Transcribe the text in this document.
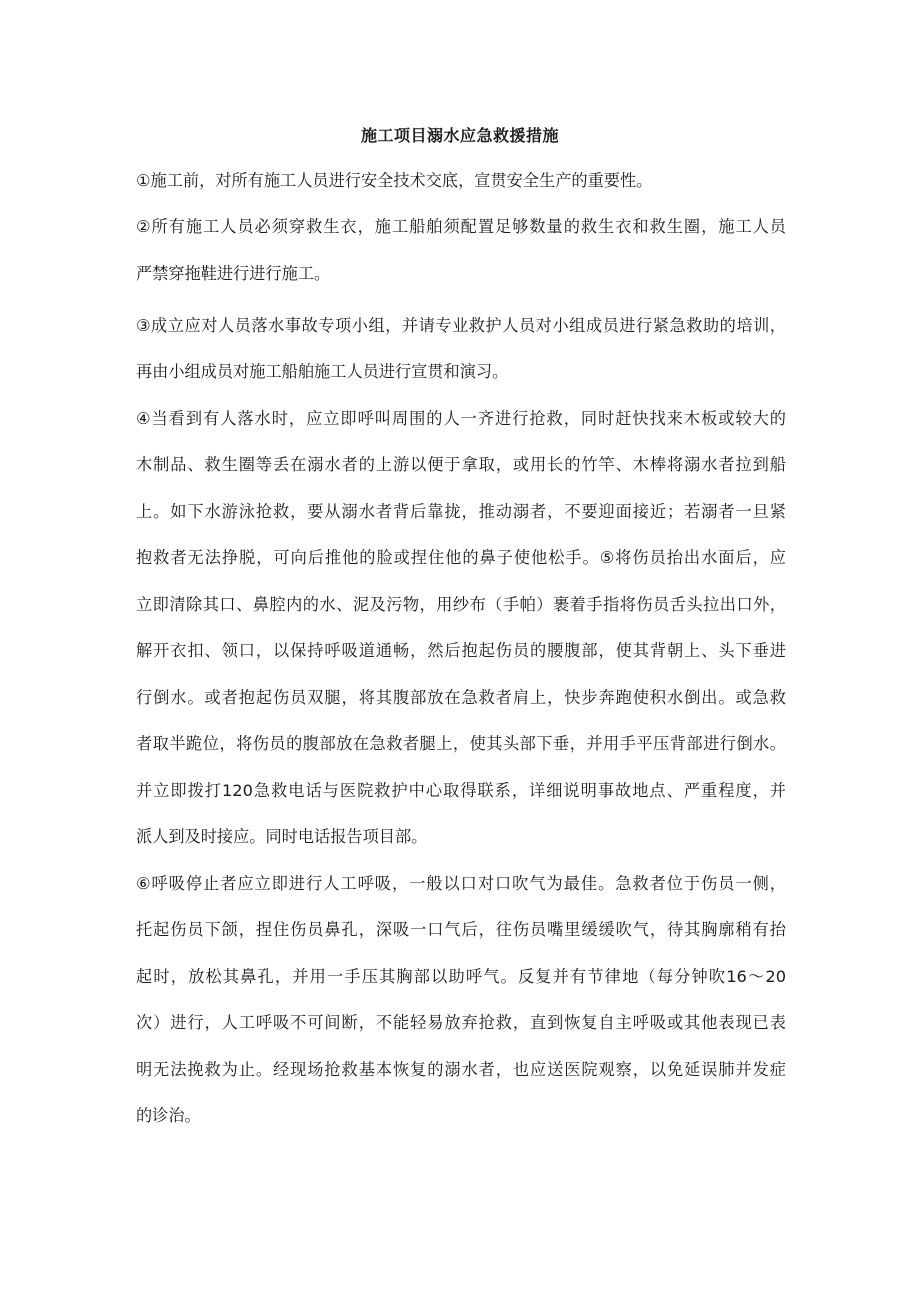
施工项目溺水应急救援措施

①施工前，对所有施工人员进行安全技术交底，宣贯安全生产的重要性。

②所有施工人员必须穿救生衣，施工船舶须配置足够数量的救生衣和救生圈，施工人员

严禁穿拖鞋进行进行施工。

③成立应对人员落水事故专项小组，并请专业救护人员对小组成员进行紧急救助的培训，

再由小组成员对施工船舶施工人员进行宣贯和演习。

④当看到有人落水时，应立即呼叫周围的人一齐进行抢救，同时赶快找来木板或较大的

木制品、救生圈等丢在溺水者的上游以便于拿取，或用长的竹竿、木棒将溺水者拉到船

上。如下水游泳抢救，要从溺水者背后靠拢，推动溺者，不要迎面接近；若溺者一旦紧

抱救者无法挣脱，可向后推他的脸或捏住他的鼻子使他松手。⑤将伤员抬出水面后，应

立即清除其口、鼻腔内的水、泥及污物，用纱布（手帕）裹着手指将伤员舌头拉出口外，

解开衣扣、领口，以保持呼吸道通畅，然后抱起伤员的腰腹部，使其背朝上、头下垂进

行倒水。或者抱起伤员双腿，将其腹部放在急救者肩上，快步奔跑使积水倒出。或急救

者取半跪位，将伤员的腹部放在急救者腿上，使其头部下垂，并用手平压背部进行倒水。

并立即拨打120急救电话与医院救护中心取得联系，详细说明事故地点、严重程度，并

派人到及时接应。同时电话报告项目部。

⑥呼吸停止者应立即进行人工呼吸，一般以口对口吹气为最佳。急救者位于伤员一侧，

托起伤员下颌，捏住伤员鼻孔，深吸一口气后，往伤员嘴里缓缓吹气，待其胸廓稍有抬

起时，放松其鼻孔，并用一手压其胸部以助呼气。反复并有节律地（每分钟吹16～20

次）进行，人工呼吸不可间断，不能轻易放弃抢救，直到恢复自主呼吸或其他表现已表

明无法挽救为止。经现场抢救基本恢复的溺水者，也应送医院观察，以免延误肺并发症

的诊治。
